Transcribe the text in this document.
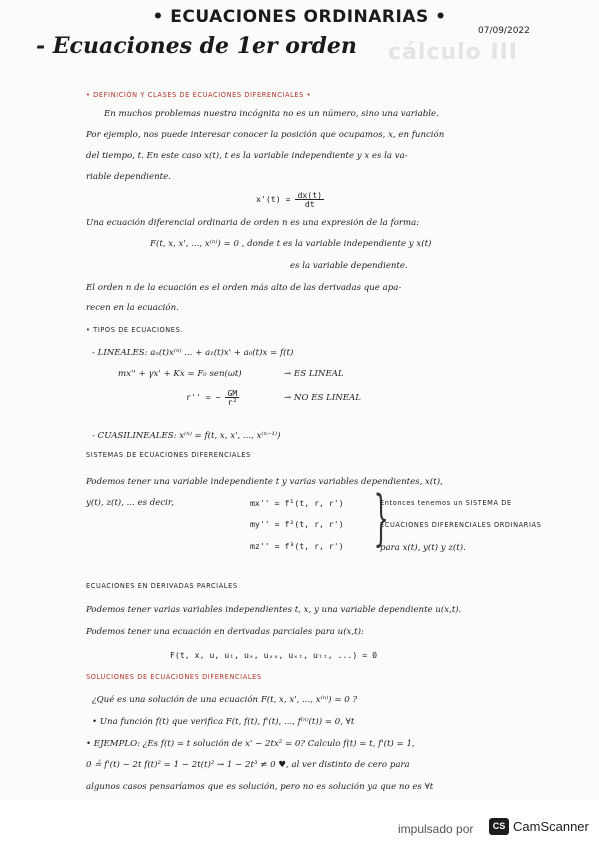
cálculo III
• ECUACIONES ORDINARIAS •
07/09/2022
- Ecuaciones de 1er orden
• DEFINICIÓN Y CLASES DE ECUACIONES DIFERENCIALES •
En muchos problemas nuestra incógnita no es un número, sino una variable.
Por ejemplo, nos puede interesar conocer la posición que ocupamos, x, en función
del tiempo, t. En este caso x(t), t es la variable independiente y x es la va-
riable dependiente.
$x'(t) = \frac{dx(t)}{dt}$
Una ecuación diferencial ordinaria de orden n es una expresión de la forma:
F(t, x, x', ..., x⁽ⁿ⁾) = 0 , donde t es la variable independiente y x(t)
es la variable dependiente.
El orden n de la ecuación es el orden más alto de las derivadas que apa-
recen en la ecuación.
• TIPOS DE ECUACIONES.
- LINEALES: aₙ(t)x⁽ⁿ⁾ ... + a₁(t)x' + a₀(t)x = f(t)
mx'' + γx' + Kx = F₀ sen(ωt)	→ ES LINEAL
r'' = − $\frac{GM}{\text{r²}}$	→ NO ES LINEAL
- CUASILINEALES: x⁽ⁿ⁾ = f(t, x, x', ..., x⁽ⁿ⁻¹⁾)
SISTEMAS DE ECUACIONES DIFERENCIALES
Podemos tener una variable independiente t y varias variables dependientes, x(t),
y(t), z(t), ... es decir,	mx'' = f¹(t, r, r')
my'' = f²(t, r, r')
mz'' = f³(t, r, r') }
Entonces tenemos un SISTEMA DE
ECUACIONES DIFERENCIALES ORDINARIAS
para x(t), y(t) y z(t).
ECUACIONES EN DERIVADAS PARCIALES
Podemos tener varias variables independientes t, x, y una variable dependiente u(x,t).
Podemos tener una ecuación en derivadas parciales para u(x,t):
F(t, x, u, uₜ, uₓ, uₓₓ, uₓₜ, uₜₜ, ...) = 0
SOLUCIONES DE ECUACIONES DIFERENCIALES
¿Qué es una solución de una ecuación F(t, x, x', ..., x⁽ⁿ⁾) = 0 ?
• Una función f(t) que verifica F(t, f(t), f'(t), ..., f⁽ⁿ⁾(t)) = 0, ∀t
• EJEMPLO: ¿Es f(t) = t solución de x' − 2tx² = 0? Calculo f(t) = t, f'(t) = 1,
0 ≟ f'(t) − 2t f(t)² = 1 − 2t(t)² → 1 − 2t³ ≠ 0 ♥, al ver distinto de cero para
algunos casos pensaríamos que es solución, pero no es solución ya que no es ∀t
impulsado por	CS CamScanner
